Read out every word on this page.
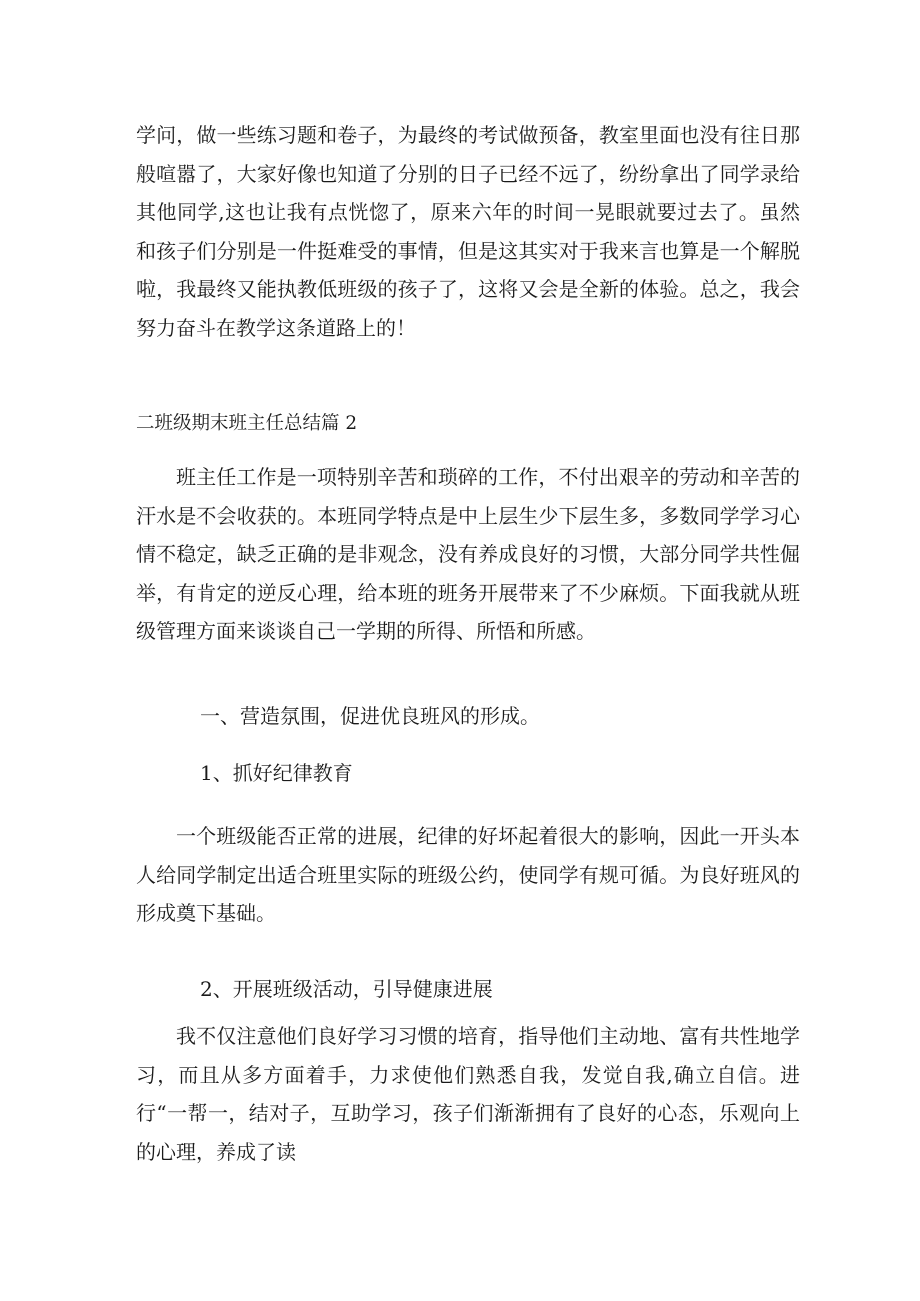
学问，做一些练习题和卷子，为最终的考试做预备，教室里面也没有往日那般喧嚣了，大家好像也知道了分别的日子已经不远了，纷纷拿出了同学录给其他同学,这也让我有点恍惚了，原来六年的时间一晃眼就要过去了。虽然和孩子们分别是一件挺难受的事情，但是这其实对于我来言也算是一个解脱啦，我最终又能执教低班级的孩子了，这将又会是全新的体验。总之，我会努力奋斗在教学这条道路上的！

二班级期末班主任总结篇 2

班主任工作是一项特别辛苦和琐碎的工作，不付出艰辛的劳动和辛苦的汗水是不会收获的。本班同学特点是中上层生少下层生多，多数同学学习心情不稳定，缺乏正确的是非观念，没有养成良好的习惯，大部分同学共性倔举，有肯定的逆反心理，给本班的班务开展带来了不少麻烦。下面我就从班级管理方面来谈谈自己一学期的所得、所悟和所感。

一、营造氛围，促进优良班风的形成。

1、抓好纪律教育

一个班级能否正常的进展，纪律的好坏起着很大的影响，因此一开头本人给同学制定出适合班里实际的班级公约，使同学有规可循。为良好班风的形成奠下基础。

2、开展班级活动，引导健康进展

我不仅注意他们良好学习习惯的培育，指导他们主动地、富有共性地学习，而且从多方面着手，力求使他们熟悉自我，发觉自我,确立自信。进行“一帮一，结对子，互助学习，孩子们渐渐拥有了良好的心态，乐观向上的心理，养成了读
